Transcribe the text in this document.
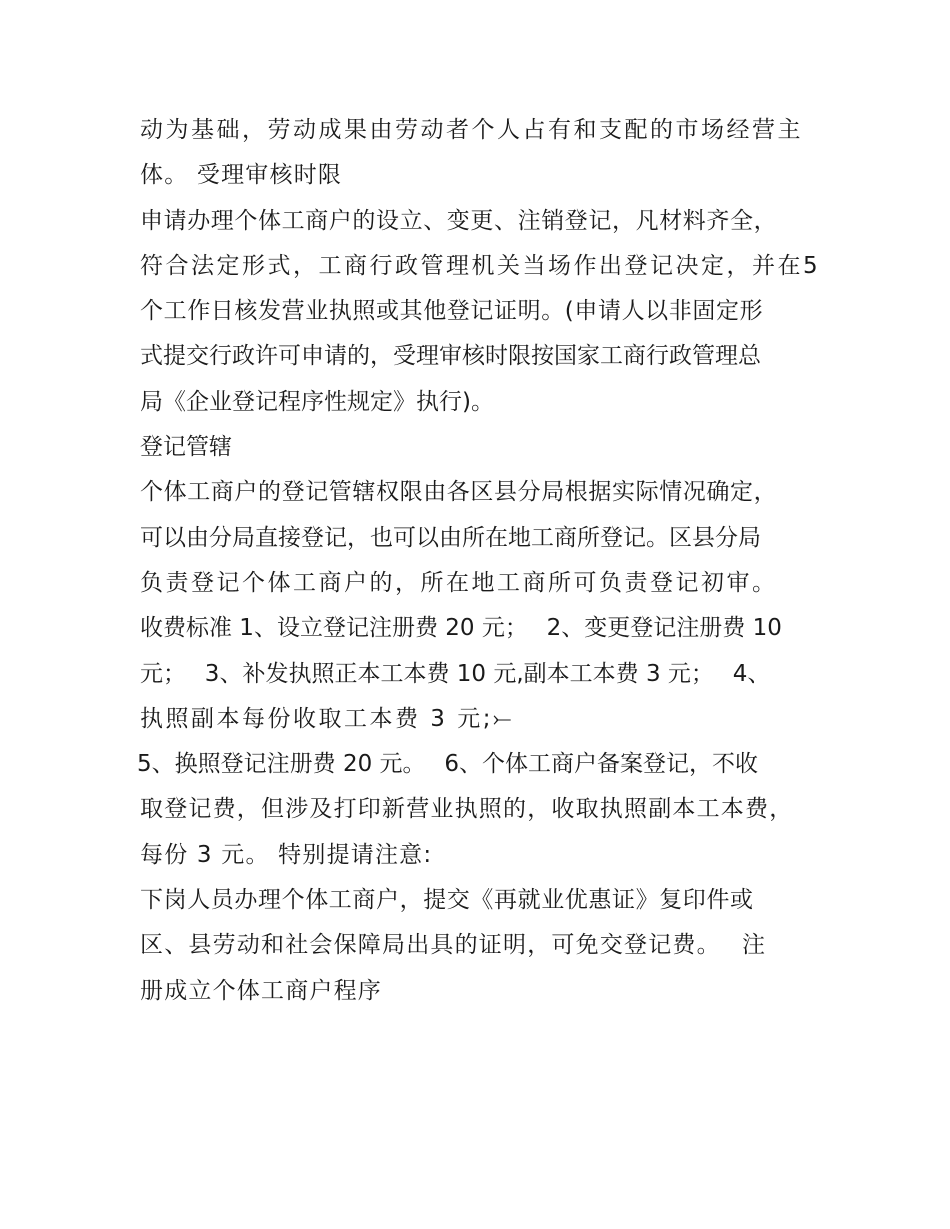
动为基础，劳动成果由劳动者个人占有和支配的市场经营主
体。 受理审核时限
申请办理个体工商户的设立、变更、注销登记，凡材料齐全，
符合法定形式，工商行政管理机关当场作出登记决定，并在5
个工作日核发营业执照或其他登记证明。(申请人以非固定形
式提交行政许可申请的，受理审核时限按国家工商行政管理总
局《企业登记程序性规定》执行)。
登记管辖
个体工商户的登记管辖权限由各区县分局根据实际情况确定，
可以由分局直接登记，也可以由所在地工商所登记。区县分局
负责登记个体工商户的，所在地工商所可负责登记初审。
收费标准 1、设立登记注册费 20 元；　 2、变更登记注册费 10
元；　 3、补发执照正本工本费 10 元,副本工本费 3 元；　 4、
执照副本每份收取工本费 3 元;⤚
5、换照登记注册费 20 元。　 6、个体工商户备案登记，不收
取登记费，但涉及打印新营业执照的，收取执照副本工本费，
每份 3 元。 特别提请注意:
下岗人员办理个体工商户，提交《再就业优惠证》复印件或
区、县劳动和社会保障局出具的证明，可免交登记费。　 注
册成立个体工商户程序
